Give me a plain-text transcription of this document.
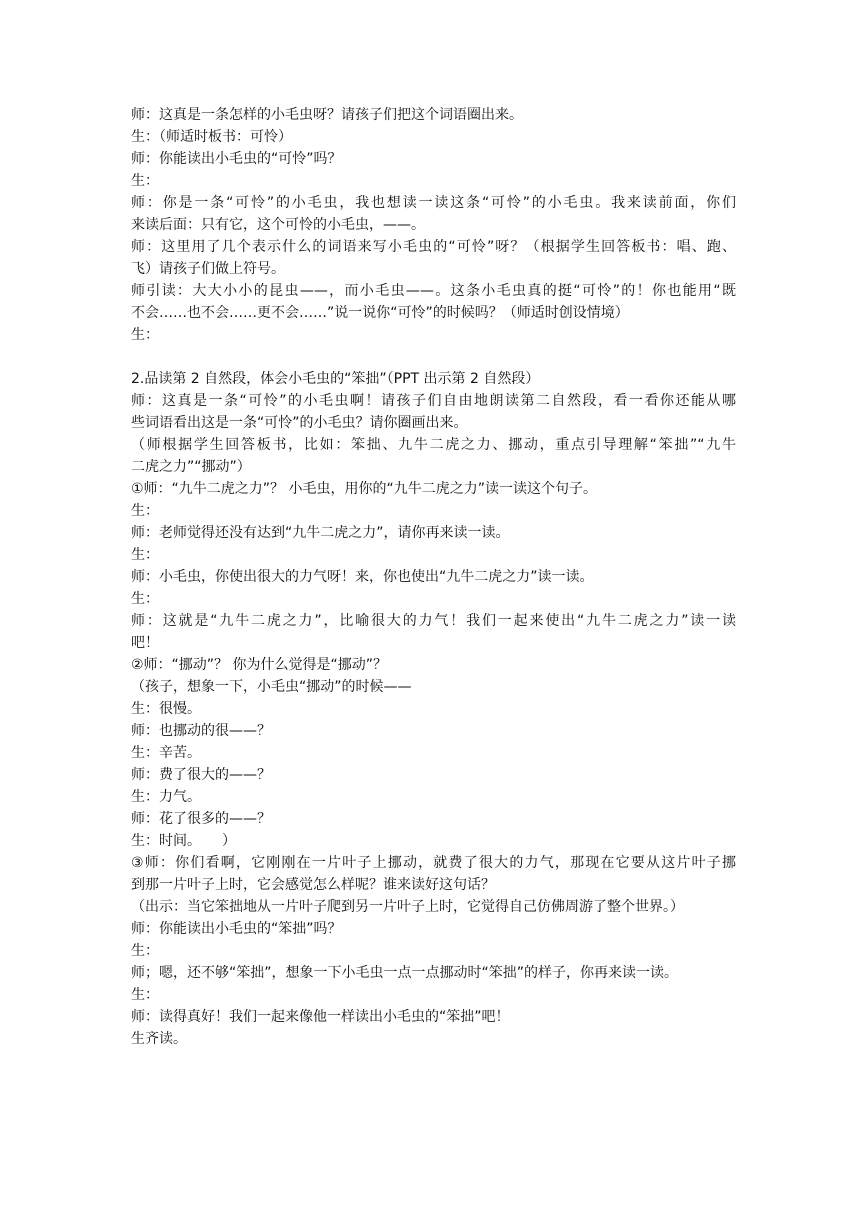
师：这真是一条怎样的小毛虫呀？请孩子们把这个词语圈出来。
生：（师适时板书：可怜）
师：你能读出小毛虫的“可怜”吗？
生：
师：你是一条“可怜”的小毛虫，我也想读一读这条“可怜”的小毛虫。我来读前面，你们
来读后面：只有它，这个可怜的小毛虫，——。
师：这里用了几个表示什么的词语来写小毛虫的“可怜”呀？（根据学生回答板书：唱、跑、
飞）请孩子们做上符号。
师引读：大大小小的昆虫——，而小毛虫——。这条小毛虫真的挺“可怜”的！你也能用“既
不会……也不会……更不会……”说一说你“可怜”的时候吗？（师适时创设情境）
生：
2.品读第 2 自然段，体会小毛虫的“笨拙”（PPT 出示第 2 自然段）
师：这真是一条“可怜”的小毛虫啊！请孩子们自由地朗读第二自然段，看一看你还能从哪
些词语看出这是一条“可怜”的小毛虫？请你圈画出来。
（师根据学生回答板书，比如：笨拙、九牛二虎之力、挪动，重点引导理解“笨拙”“九牛
二虎之力”“挪动”）
①师：“九牛二虎之力”？ 小毛虫，用你的“九牛二虎之力”读一读这个句子。
生：
师：老师觉得还没有达到“九牛二虎之力”，请你再来读一读。
生：
师：小毛虫，你使出很大的力气呀！来，你也使出“九牛二虎之力”读一读。
生：
师：这就是“九牛二虎之力”，比喻很大的力气！我们一起来使出“九牛二虎之力”读一读
吧！
②师：“挪动”？ 你为什么觉得是“挪动”？
（孩子，想象一下，小毛虫“挪动”的时候——
生：很慢。
师：也挪动的很——？
生：辛苦。
师：费了很大的——？
生：力气。
师：花了很多的——？
生：时间。　　）
③师：你们看啊，它刚刚在一片叶子上挪动，就费了很大的力气，那现在它要从这片叶子挪
到那一片叶子上时，它会感觉怎么样呢？谁来读好这句话？
（出示：当它笨拙地从一片叶子爬到另一片叶子上时，它觉得自己仿佛周游了整个世界。）
师：你能读出小毛虫的“笨拙”吗？
生：
师；嗯，还不够“笨拙”，想象一下小毛虫一点一点挪动时“笨拙”的样子，你再来读一读。
生：
师：读得真好！我们一起来像他一样读出小毛虫的“笨拙”吧！
生齐读。
